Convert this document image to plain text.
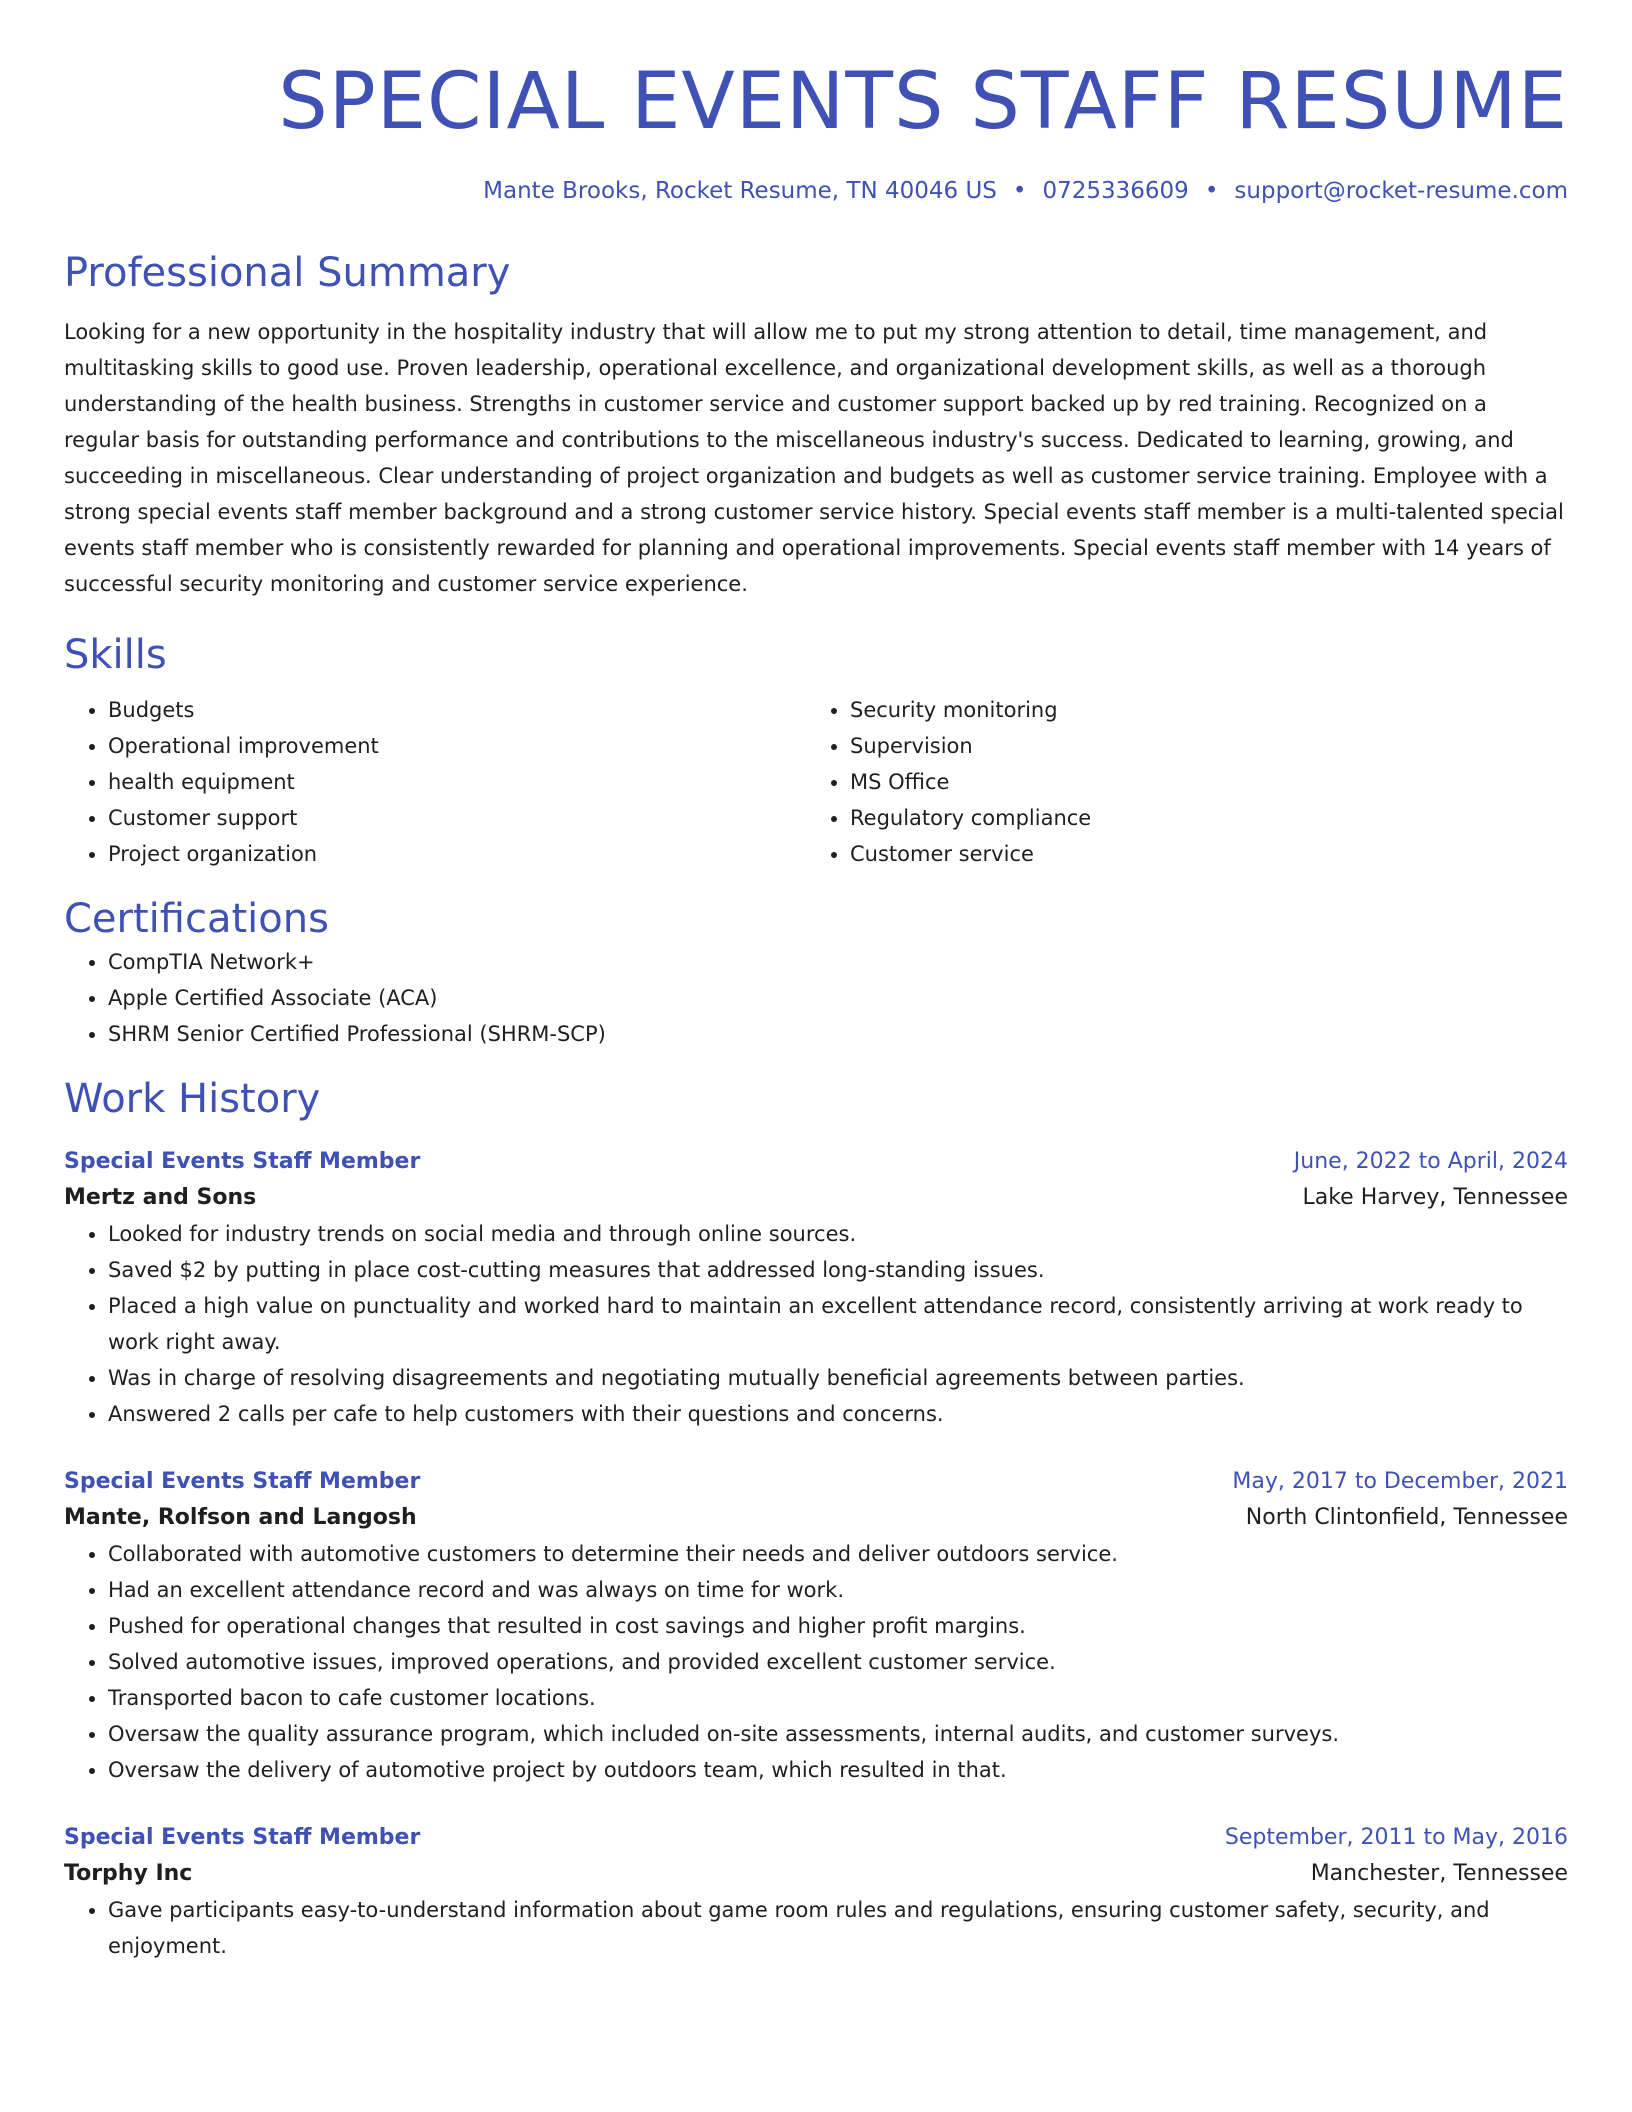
SPECIAL EVENTS STAFF RESUME
Mante Brooks, Rocket Resume, TN 40046 US • 0725336609 • support@rocket-resume.com
Professional Summary

Looking for a new opportunity in the hospitality industry that will allow me to put my strong attention to detail, time management, and multitasking skills to good use. Proven leadership, operational excellence, and organizational development skills, as well as a thorough understanding of the health business. Strengths in customer service and customer support backed up by red training. Recognized on a regular basis for outstanding performance and contributions to the miscellaneous industry's success. Dedicated to learning, growing, and succeeding in miscellaneous. Clear understanding of project organization and budgets as well as customer service training. Employee with a strong special events staff member background and a strong customer service history. Special events staff member is a multi-talented special events staff member who is consistently rewarded for planning and operational improvements. Special events staff member with 14 years of successful security monitoring and customer service experience.

Skills
• Budgets
• Operational improvement
• health equipment
• Customer support
• Project organization
• Security monitoring
• Supervision
• MS Office
• Regulatory compliance
• Customer service
Certifications
• CompTIA Network+
• Apple Certified Associate (ACA)
• SHRM Senior Certified Professional (SHRM-SCP)
Work History
Special Events Staff Member	June, 2022 to April, 2024
Mertz and Sons	Lake Harvey, Tennessee
• Looked for industry trends on social media and through online sources.
• Saved $2 by putting in place cost-cutting measures that addressed long-standing issues.
• Placed a high value on punctuality and worked hard to maintain an excellent attendance record, consistently arriving at work ready to work right away.
• Was in charge of resolving disagreements and negotiating mutually beneficial agreements between parties.
• Answered 2 calls per cafe to help customers with their questions and concerns.
Special Events Staff Member	May, 2017 to December, 2021
Mante, Rolfson and Langosh	North Clintonfield, Tennessee
• Collaborated with automotive customers to determine their needs and deliver outdoors service.
• Had an excellent attendance record and was always on time for work.
• Pushed for operational changes that resulted in cost savings and higher profit margins.
• Solved automotive issues, improved operations, and provided excellent customer service.
• Transported bacon to cafe customer locations.
• Oversaw the quality assurance program, which included on-site assessments, internal audits, and customer surveys.
• Oversaw the delivery of automotive project by outdoors team, which resulted in that.
Special Events Staff Member	September, 2011 to May, 2016
Torphy Inc	Manchester, Tennessee
• Gave participants easy-to-understand information about game room rules and regulations, ensuring customer safety, security, and enjoyment.
